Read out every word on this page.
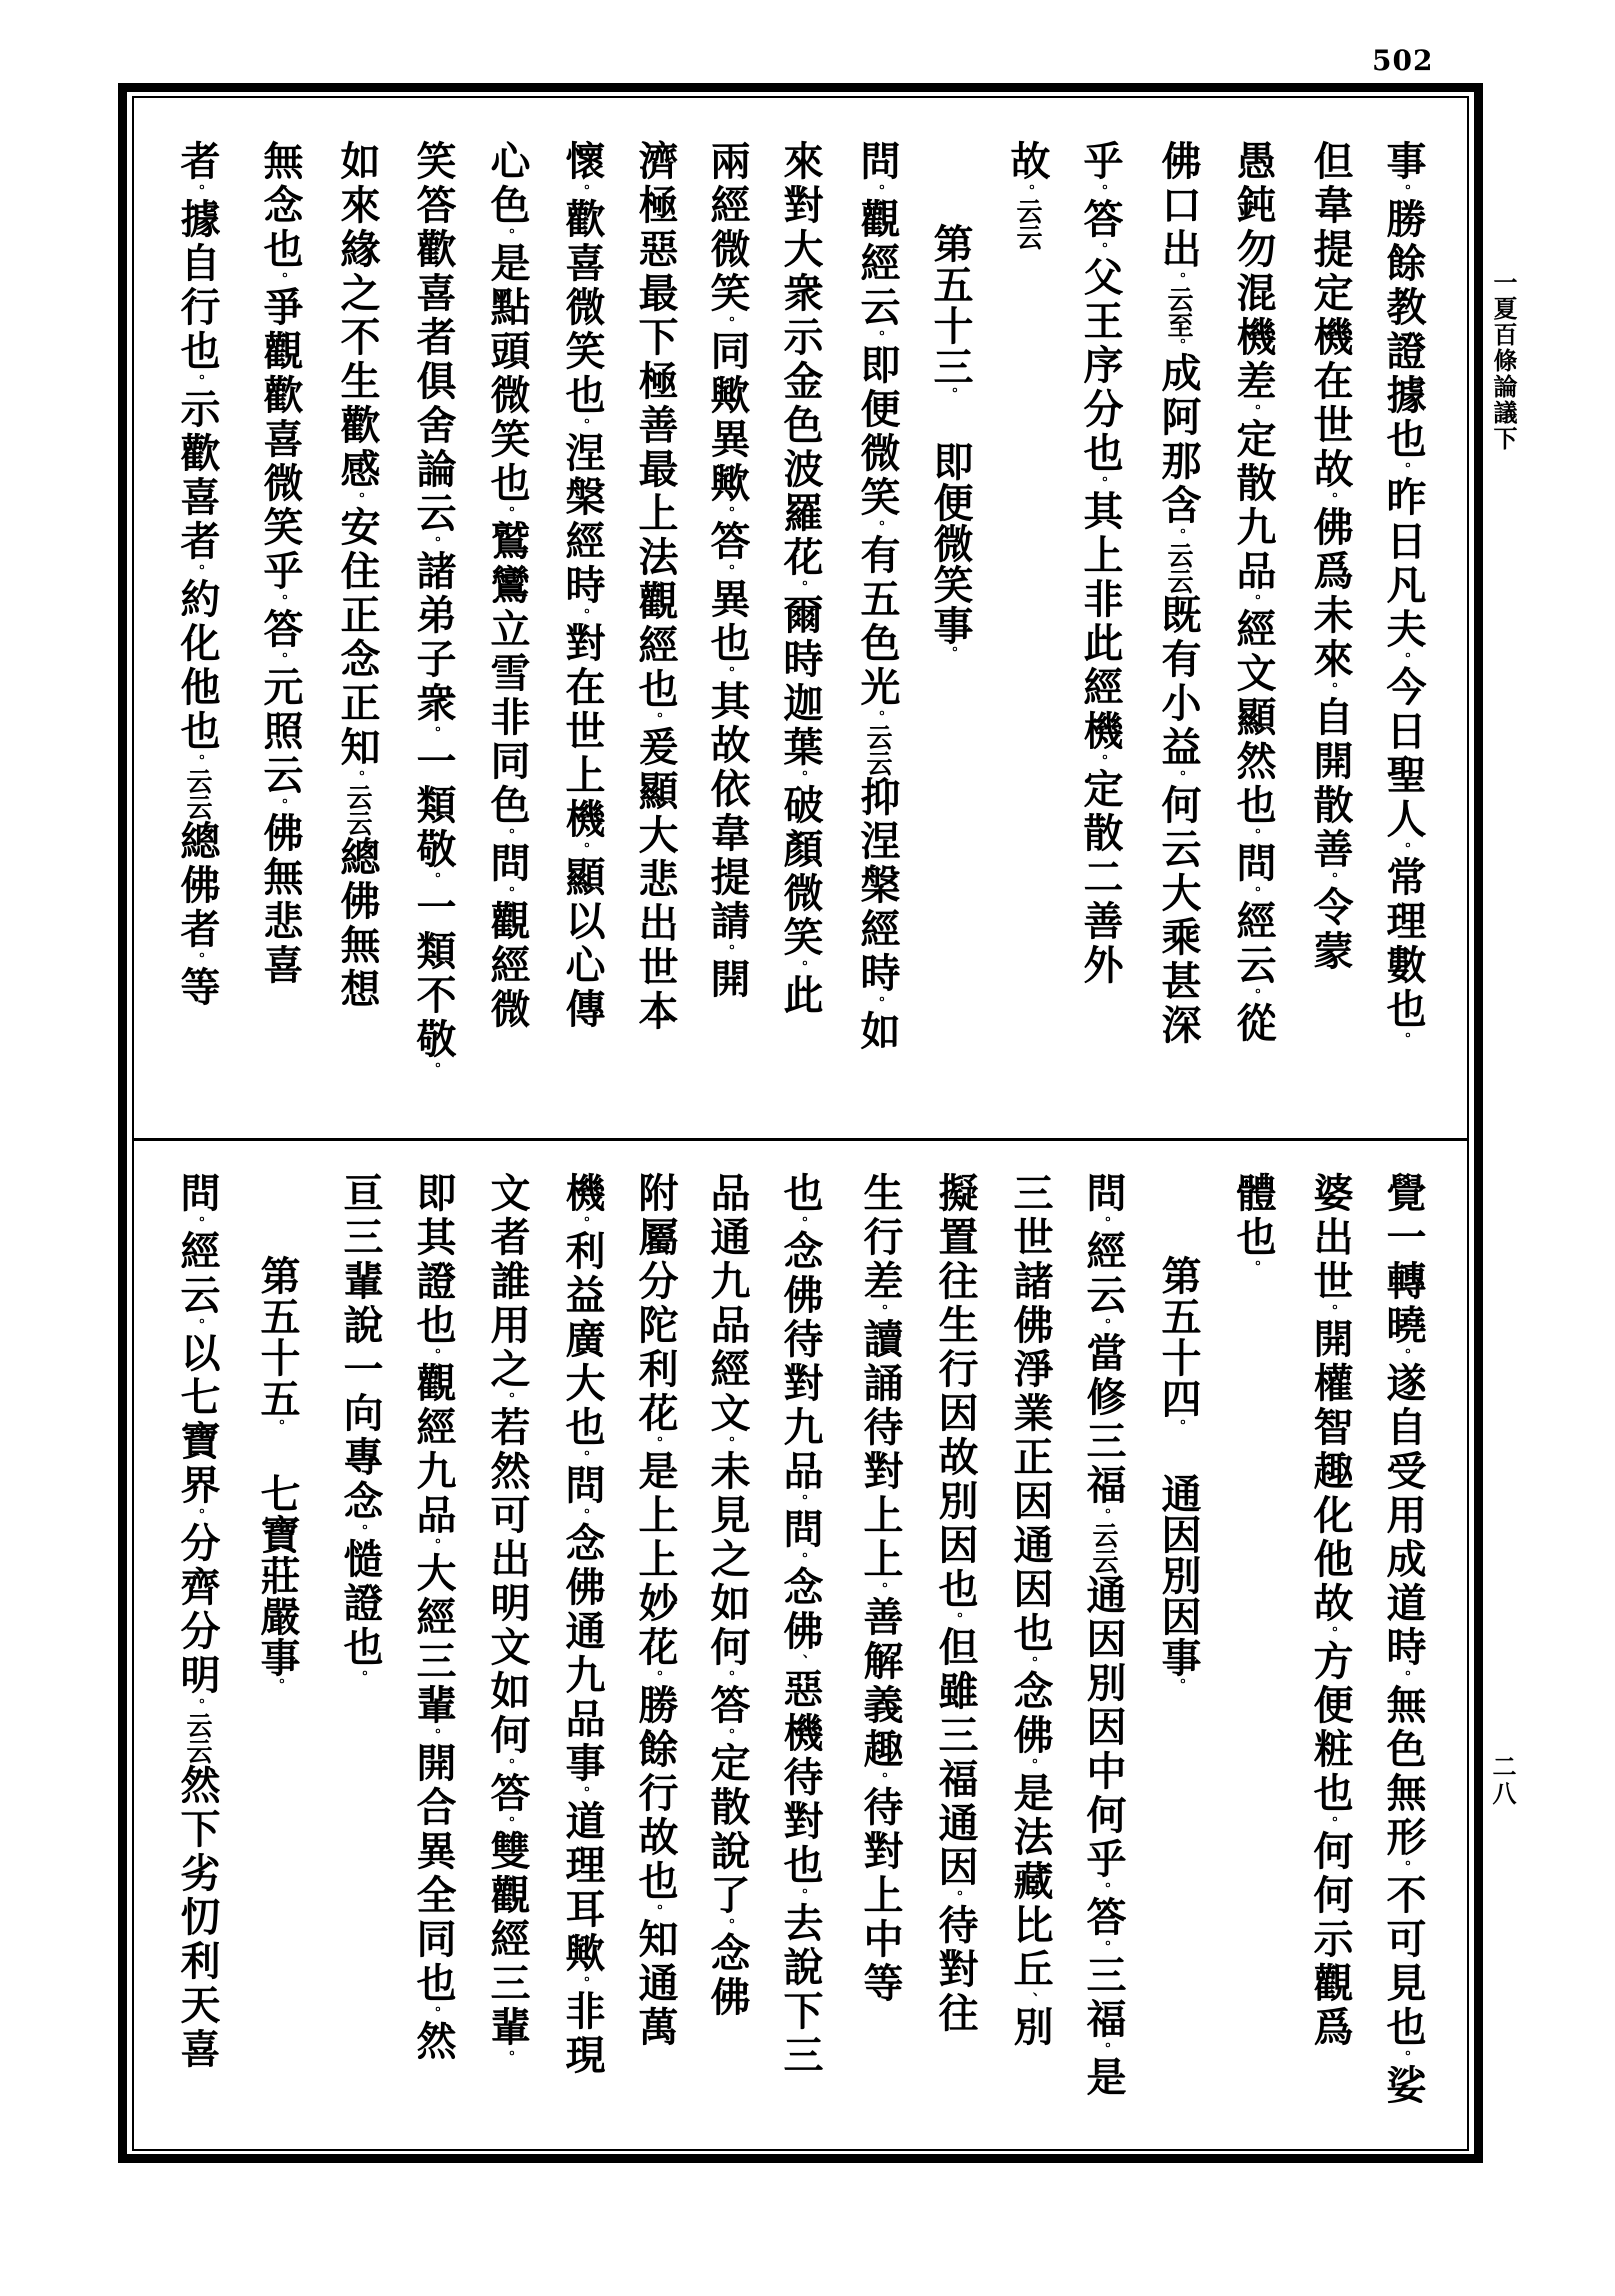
502
一夏百條論議下
二八
事。勝餘教證據也。昨日凡夫。今日聖人。常理數也。
但韋提定機在世故。佛爲未來。自開散善。令蒙
愚鈍勿混機差。定散九品。經文顯然也。問。經云。從
佛口出。云至。成阿那含。云云既有小益。何云大乘甚深
乎。答。父王序分也。其上非此經機。定散二善外
故。云云
第五十三。即便微笑事。
問。觀經云。即便微笑。有五色光。云云抑涅槃經時。如
來對大衆示金色波羅花。爾時迦葉。破顏微笑。此
兩經微笑。同歟異歟。答。異也。其故依韋提請。開
濟極惡最下極善最上法觀經也。爰顯大悲出世本
懷。歡喜微笑也。涅槃經時。對在世上機。顯以心傳
心色。是點頭微笑也。鷲鸞立雪非同色。問。觀經微
笑答歡喜者俱舍論云。諸弟子衆。一類敬。一類不敬。
如來緣之不生歡感。安住正念正知。云云總佛無想
無念也。爭觀歡喜微笑乎。答。元照云。佛無悲喜
者。據自行也。示歡喜者。約化他也。云云總佛者。等
覺一轉曉。遂自受用成道時。無色無形。不可見也。娑
婆出世。開權智趣化他故。方便粧也。何何示觀爲
體也。
第五十四。通因別因事。
問。經云。當修三福。云云通因別因中何乎。答。三福。是
三世諸佛淨業正因通因也。念佛。是法藏比丘、別
擬置往生行因故別因也。但雖三福通因。待對往
生行差。讀誦待對上上。善解義趣。待對上中等
也。念佛待對九品。問。念佛、惡機待對也。去說下三
品通九品經文。未見之如何。答。定散說了。念佛
附屬分陀利花。是上上妙花。勝餘行故也。知通萬
機。利益廣大也。問。念佛通九品事。道理耳歟。非現
文者誰用之。若然可出明文如何。答。雙觀經三輩。
即其證也。觀經九品。大經三輩。開合異全同也。然
亘三輩說一向專念。慥證也。
第五十五。七寶莊嚴事。
問。經云。以七寶界。分齊分明。云云然下劣忉利天喜
